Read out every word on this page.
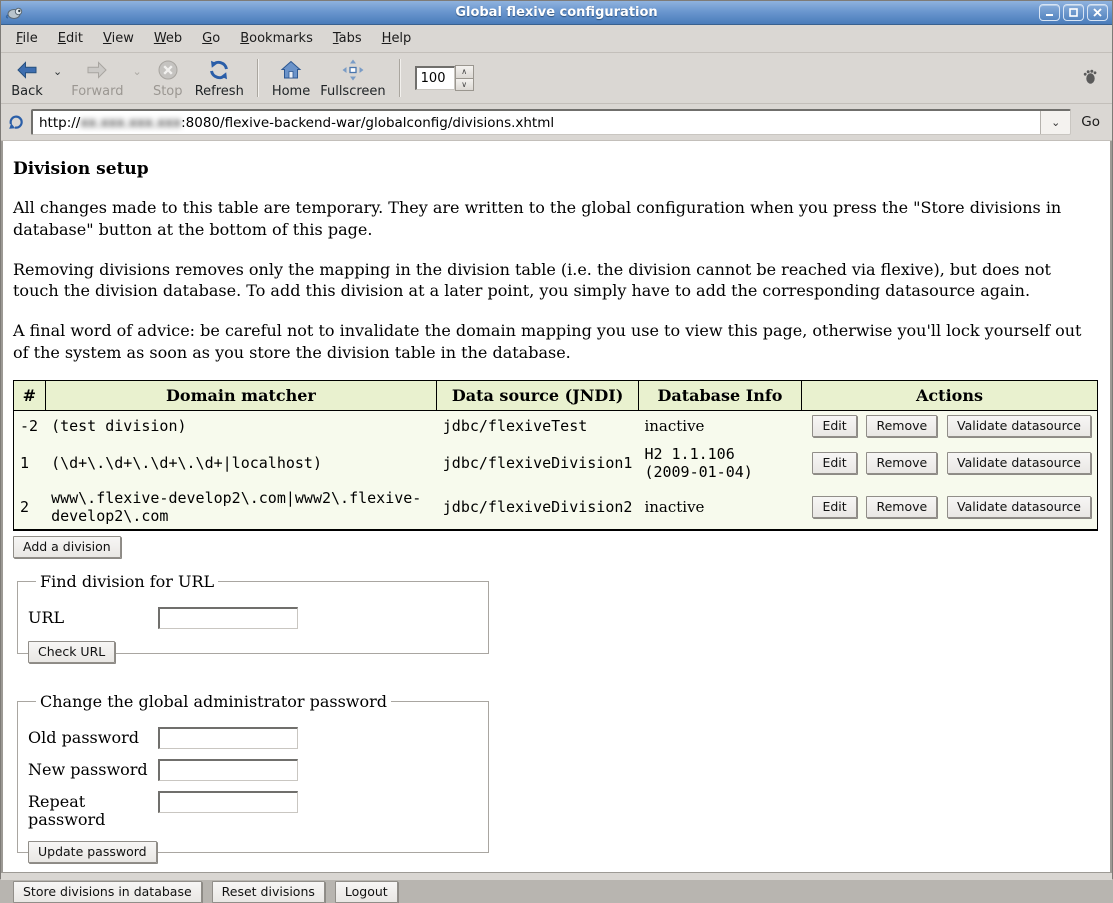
Global flexive configuration
File	Edit	View	Web	Go	Bookmarks	Tabs	Help
Back
⌄
Forward
⌄
Stop Refresh Home Fullscreen
100
∧
∨
http://xx.xxx.xxx.xxx:8080/flexive-backend-war/globalconfig/divisions.xhtml	⌄	Go
Division setup

All changes made to this table are temporary. They are written to the global configuration when you press the "Store divisions in database" button at the bottom of this page.

Removing divisions removes only the mapping in the division table (i.e. the division cannot be reached via flexive), but does not touch the division database. To add this division at a later point, you simply have to add the corresponding datasource again.

A final word of advice: be careful not to invalidate the domain mapping you use to view this page, otherwise you'll lock yourself out of the system as soon as you store the division table in the database.

#	Domain matcher	Data source (JNDI)	Database Info	Actions
-2	(test division)	jdbc/flexiveTest	inactive	Edit Remove Validate datasource
1	(\d+\.\d+\.\d+\.\d+|localhost)	jdbc/flexiveDivision1	H2 1.1.106 (2009-01-04)	Edit Remove Validate datasource
2	www\.flexive-develop2\.com|www2\.flexive-develop2\.com	jdbc/flexiveDivision2	inactive	Edit Remove Validate datasource
Add a division
Find division for URL
URL
Check URL
Change the global administrator password
Old password
New password
Repeat password
Update password
Store divisions in database	Reset divisions	Logout
